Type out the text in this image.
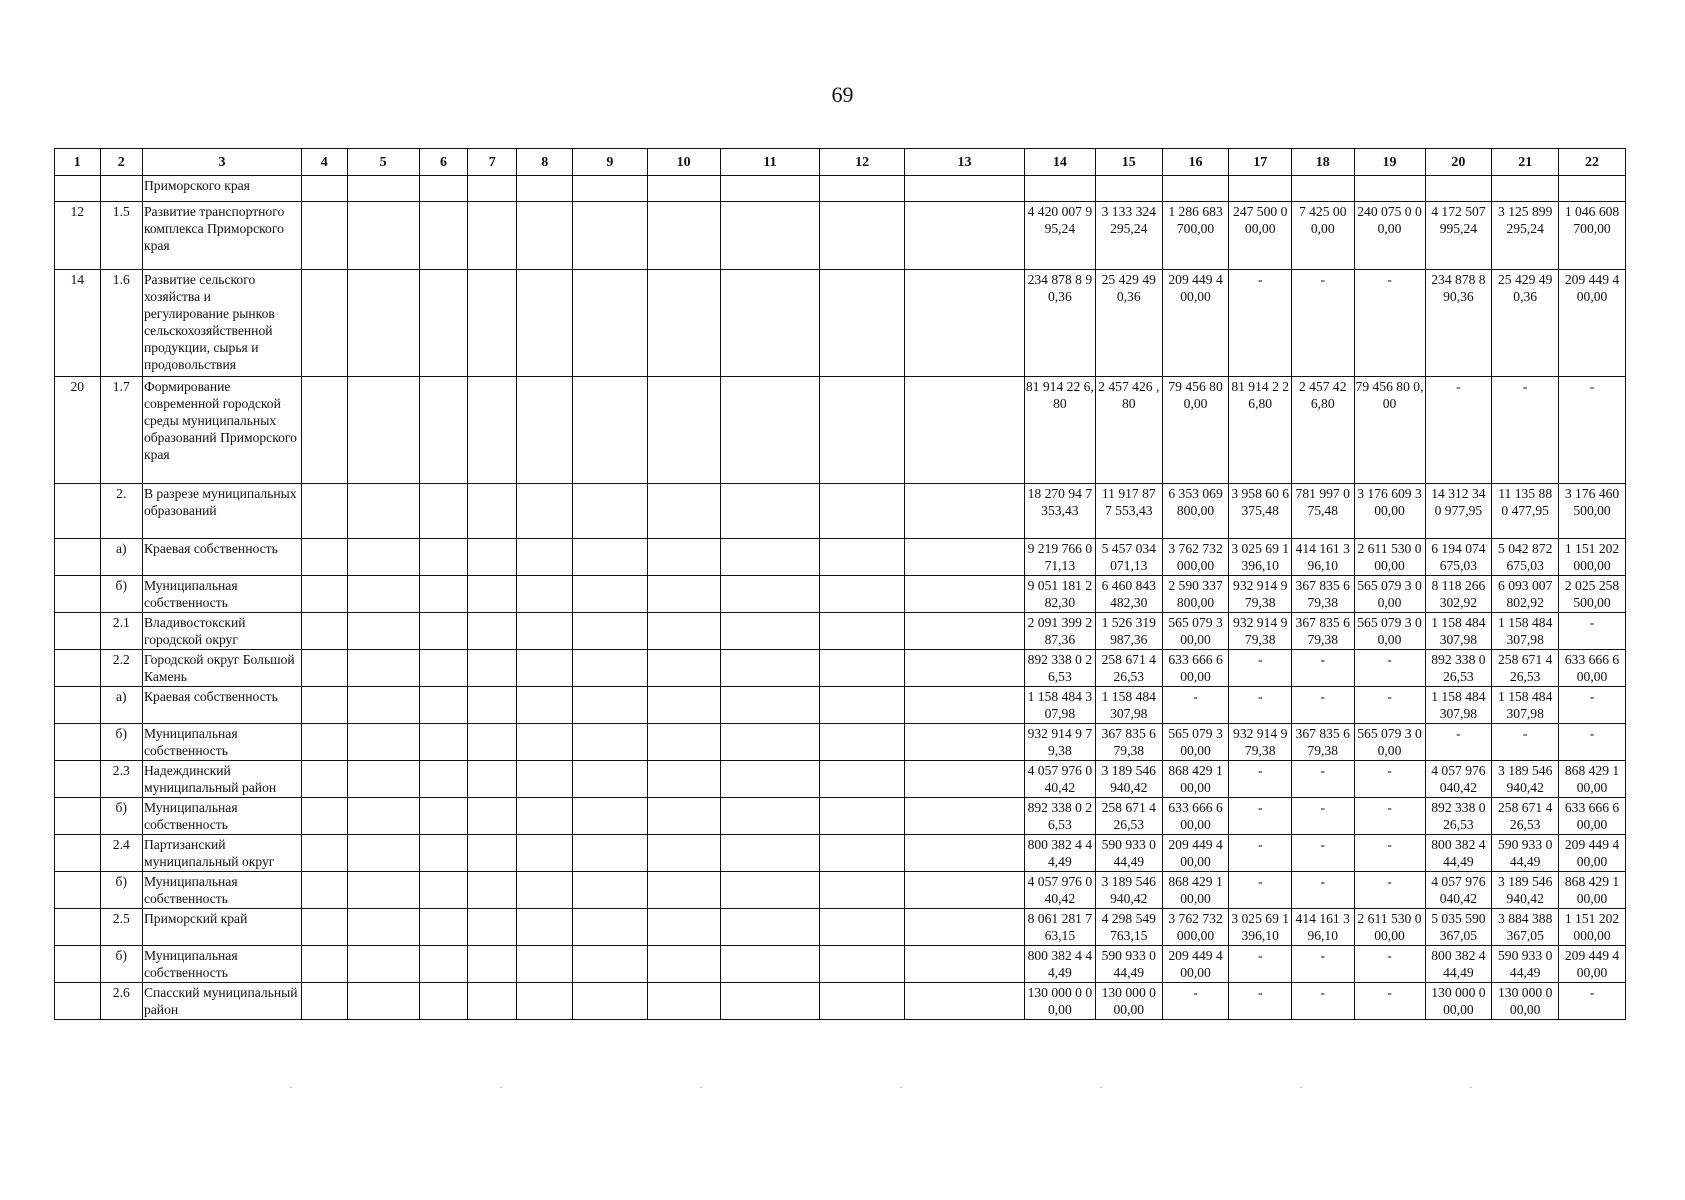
69
1	2	3	4	5	6	7	8	9	10	11	12	13	14	15	16	17	18	19	20	21	22
		Приморского края																			
12	1.5	Развитие транспортного комплекса Приморского края											4 420 007 995,24	3 133 324 295,24	1 286 683 700,00	247 500 000,00	7 425 00 0,00	240 075 0 00,00	4 172 507 995,24	3 125 899 295,24	1 046 608 700,00
14	1.6	Развитие сельского хозяйства и регулирование рынков сельскохозяйственной продукции, сырья и продовольствия											234 878 8 90,36	25 429 49 0,36	209 449 4 00,00	-	-	-	234 878 8 90,36	25 429 49 0,36	209 449 4 00,00
20	1.7	Формирование современной городской среды муниципальных образований Приморского края											81 914 22 6,80	2 457 426 ,80	79 456 80 0,00	81 914 2 26,80	2 457 42 6,80	79 456 80 0,00	-	-	-
	2.	В разрезе муниципальных образований											18 270 94 7 353,43	11 917 87 7 553,43	6 353 069 800,00	3 958 60 6 375,48	781 997 075,48	3 176 609 300,00	14 312 34 0 977,95	11 135 88 0 477,95	3 176 460 500,00
	а)	Краевая собственность											9 219 766 071,13	5 457 034 071,13	3 762 732 000,00	3 025 69 1 396,10	414 161 396,10	2 611 530 000,00	6 194 074 675,03	5 042 872 675,03	1 151 202 000,00
	б)	Муниципальная собственность											9 051 181 282,30	6 460 843 482,30	2 590 337 800,00	932 914 979,38	367 835 679,38	565 079 3 00,00	8 118 266 302,92	6 093 007 802,92	2 025 258 500,00
	2.1	Владивостокский городской округ											2 091 399 287,36	1 526 319 987,36	565 079 3 00,00	932 914 979,38	367 835 679,38	565 079 3 00,00	1 158 484 307,98	1 158 484 307,98	-
	2.2	Городской округ Большой Камень											892 338 0 26,53	258 671 4 26,53	633 666 6 00,00	-	-	-	892 338 0 26,53	258 671 4 26,53	633 666 6 00,00
	а)	Краевая собственность											1 158 484 307,98	1 158 484 307,98	-	-	-	-	1 158 484 307,98	1 158 484 307,98	-
	б)	Муниципальная собственность											932 914 9 79,38	367 835 6 79,38	565 079 3 00,00	932 914 979,38	367 835 679,38	565 079 3 00,00	-	-	-
	2.3	Надеждинский муниципальный район											4 057 976 040,42	3 189 546 940,42	868 429 1 00,00	-	-	-	4 057 976 040,42	3 189 546 940,42	868 429 1 00,00
	б)	Муниципальная собственность											892 338 0 26,53	258 671 4 26,53	633 666 6 00,00	-	-	-	892 338 0 26,53	258 671 4 26,53	633 666 6 00,00
	2.4	Партизанский муниципальный округ											800 382 4 44,49	590 933 0 44,49	209 449 4 00,00	-	-	-	800 382 4 44,49	590 933 0 44,49	209 449 4 00,00
	б)	Муниципальная собственность											4 057 976 040,42	3 189 546 940,42	868 429 1 00,00	-	-	-	4 057 976 040,42	3 189 546 940,42	868 429 1 00,00
	2.5	Приморский край											8 061 281 763,15	4 298 549 763,15	3 762 732 000,00	3 025 69 1 396,10	414 161 396,10	2 611 530 000,00	5 035 590 367,05	3 884 388 367,05	1 151 202 000,00
	б)	Муниципальная собственность											800 382 4 44,49	590 933 0 44,49	209 449 4 00,00	-	-	-	800 382 4 44,49	590 933 0 44,49	209 449 4 00,00
	2.6	Спасский муниципальный район											130 000 0 00,00	130 000 0 00,00	-	-	-	-	130 000 0 00,00	130 000 0 00,00	-
